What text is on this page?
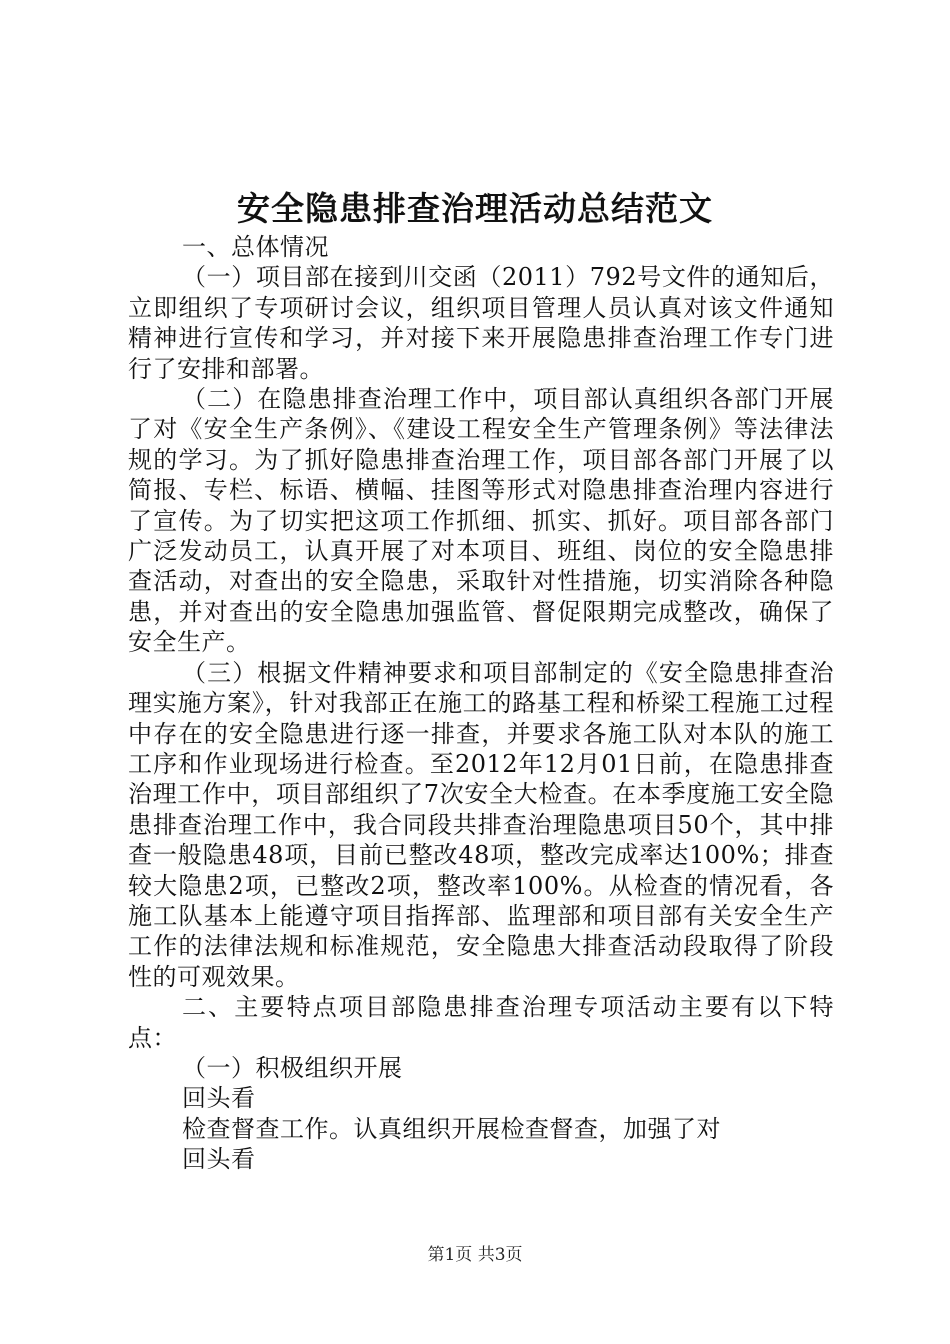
安全隐患排查治理活动总结范文

一、总体情况

（一）项目部在接到川交函（2011）792号文件的通知后，立即组织了专项研讨会议，组织项目管理人员认真对该文件通知精神进行宣传和学习，并对接下来开展隐患排查治理工作专门进行了安排和部署。

（二）在隐患排查治理工作中，项目部认真组织各部门开展了对《安全生产条例》、《建设工程安全生产管理条例》等法律法规的学习。为了抓好隐患排查治理工作，项目部各部门开展了以简报、专栏、标语、横幅、挂图等形式对隐患排查治理内容进行了宣传。为了切实把这项工作抓细、抓实、抓好。项目部各部门广泛发动员工，认真开展了对本项目、班组、岗位的安全隐患排查活动，对查出的安全隐患，采取针对性措施，切实消除各种隐患，并对查出的安全隐患加强监管、督促限期完成整改，确保了安全生产。

（三）根据文件精神要求和项目部制定的《安全隐患排查治理实施方案》，针对我部正在施工的路基工程和桥梁工程施工过程中存在的安全隐患进行逐一排查，并要求各施工队对本队的施工工序和作业现场进行检查。至2012年12月01日前，在隐患排查治理工作中，项目部组织了7次安全大检查。在本季度施工安全隐患排查治理工作中，我合同段共排查治理隐患项目50个，其中排查一般隐患48项，目前已整改48项，整改完成率达100%；排查较大隐患2项，已整改2项，整改率100%。从检查的情况看，各施工队基本上能遵守项目指挥部、监理部和项目部有关安全生产工作的法律法规和标准规范，安全隐患大排查活动段取得了阶段性的可观效果。

二、主要特点项目部隐患排查治理专项活动主要有以下特点：

（一）积极组织开展

回头看

检查督查工作。认真组织开展检查督查，加强了对

回头看

第1页 共3页
